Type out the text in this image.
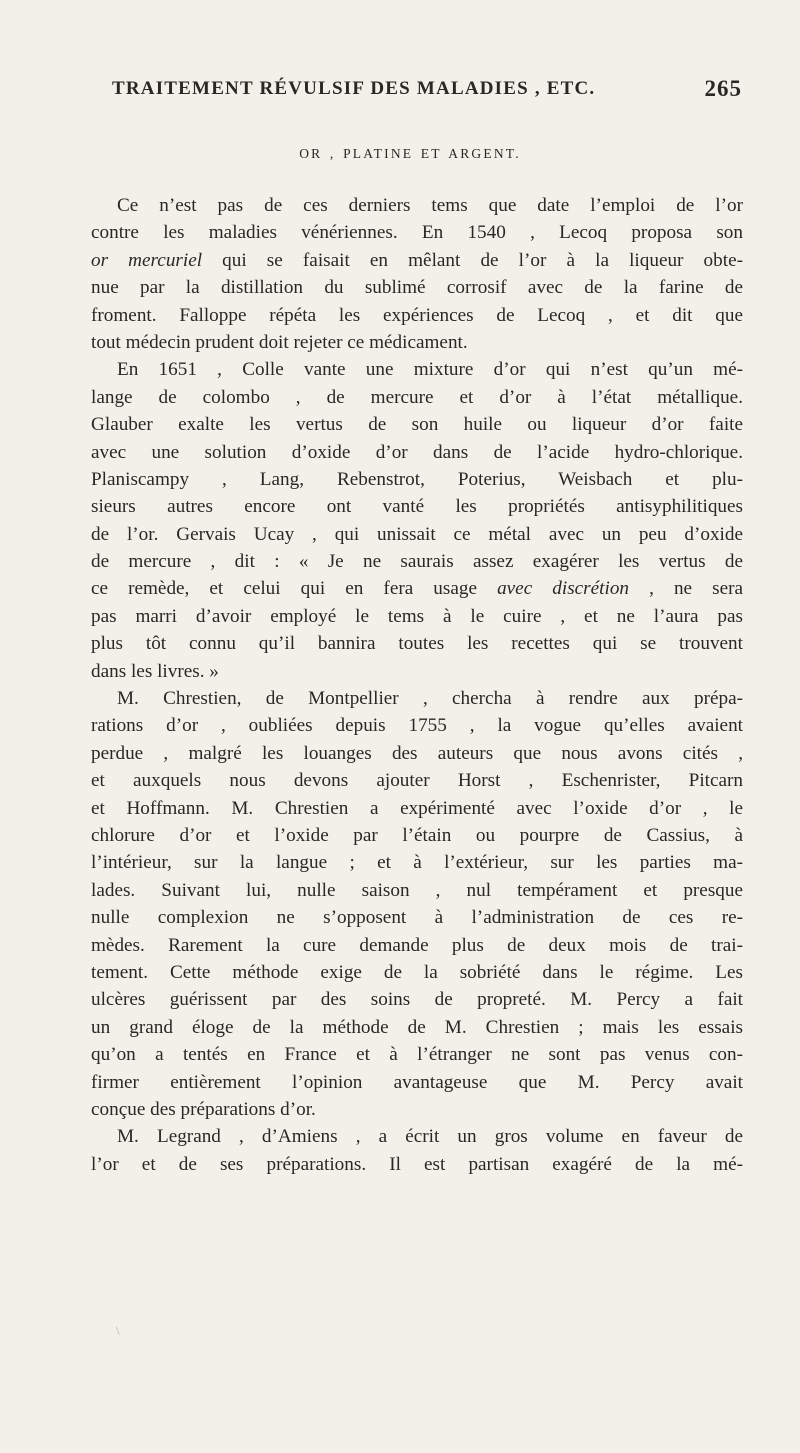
TRAITEMENT RÉVULSIF DES MALADIES , ETC.	265
OR , PLATINE ET ARGENT.
Ce n’est pas de ces derniers tems que date l’emploi de l’or
contre les maladies vénériennes. En 1540 , Lecoq proposa son
or mercuriel qui se faisait en mêlant de l’or à la liqueur obte-
nue par la distillation du sublimé corrosif avec de la farine de
froment. Falloppe répéta les expériences de Lecoq , et dit que
tout médecin prudent doit rejeter ce médicament.
En 1651 , Colle vante une mixture d’or qui n’est qu’un mé-
lange de colombo , de mercure et d’or à l’état métallique.
Glauber exalte les vertus de son huile ou liqueur d’or faite
avec une solution d’oxide d’or dans de l’acide hydro-chlorique.
Planiscampy , Lang, Rebenstrot, Poterius, Weisbach et plu-
sieurs autres encore ont vanté les propriétés antisyphilitiques
de l’or. Gervais Ucay , qui unissait ce métal avec un peu d’oxide
de mercure , dit : « Je ne saurais assez exagérer les vertus de
ce remède, et celui qui en fera usage avec discrétion , ne sera
pas marri d’avoir employé le tems à le cuire , et ne l’aura pas
plus tôt connu qu’il bannira toutes les recettes qui se trouvent
dans les livres. »
M. Chrestien, de Montpellier , chercha à rendre aux prépa-
rations d’or , oubliées depuis 1755 , la vogue qu’elles avaient
perdue , malgré les louanges des auteurs que nous avons cités ,
et auxquels nous devons ajouter Horst , Eschenrister, Pitcarn
et Hoffmann. M. Chrestien a expérimenté avec l’oxide d’or , le
chlorure d’or et l’oxide par l’étain ou pourpre de Cassius, à
l’intérieur, sur la langue ; et à l’extérieur, sur les parties ma-
lades. Suivant lui, nulle saison , nul tempérament et presque
nulle complexion ne s’opposent à l’administration de ces re-
mèdes. Rarement la cure demande plus de deux mois de trai-
tement. Cette méthode exige de la sobriété dans le régime. Les
ulcères guérissent par des soins de propreté. M. Percy a fait
un grand éloge de la méthode de M. Chrestien ; mais les essais
qu’on a tentés en France et à l’étranger ne sont pas venus con-
firmer entièrement l’opinion avantageuse que M. Percy avait
conçue des préparations d’or.
M. Legrand , d’Amiens , a écrit un gros volume en faveur de
l’or et de ses préparations. Il est partisan exagéré de la mé-
\
